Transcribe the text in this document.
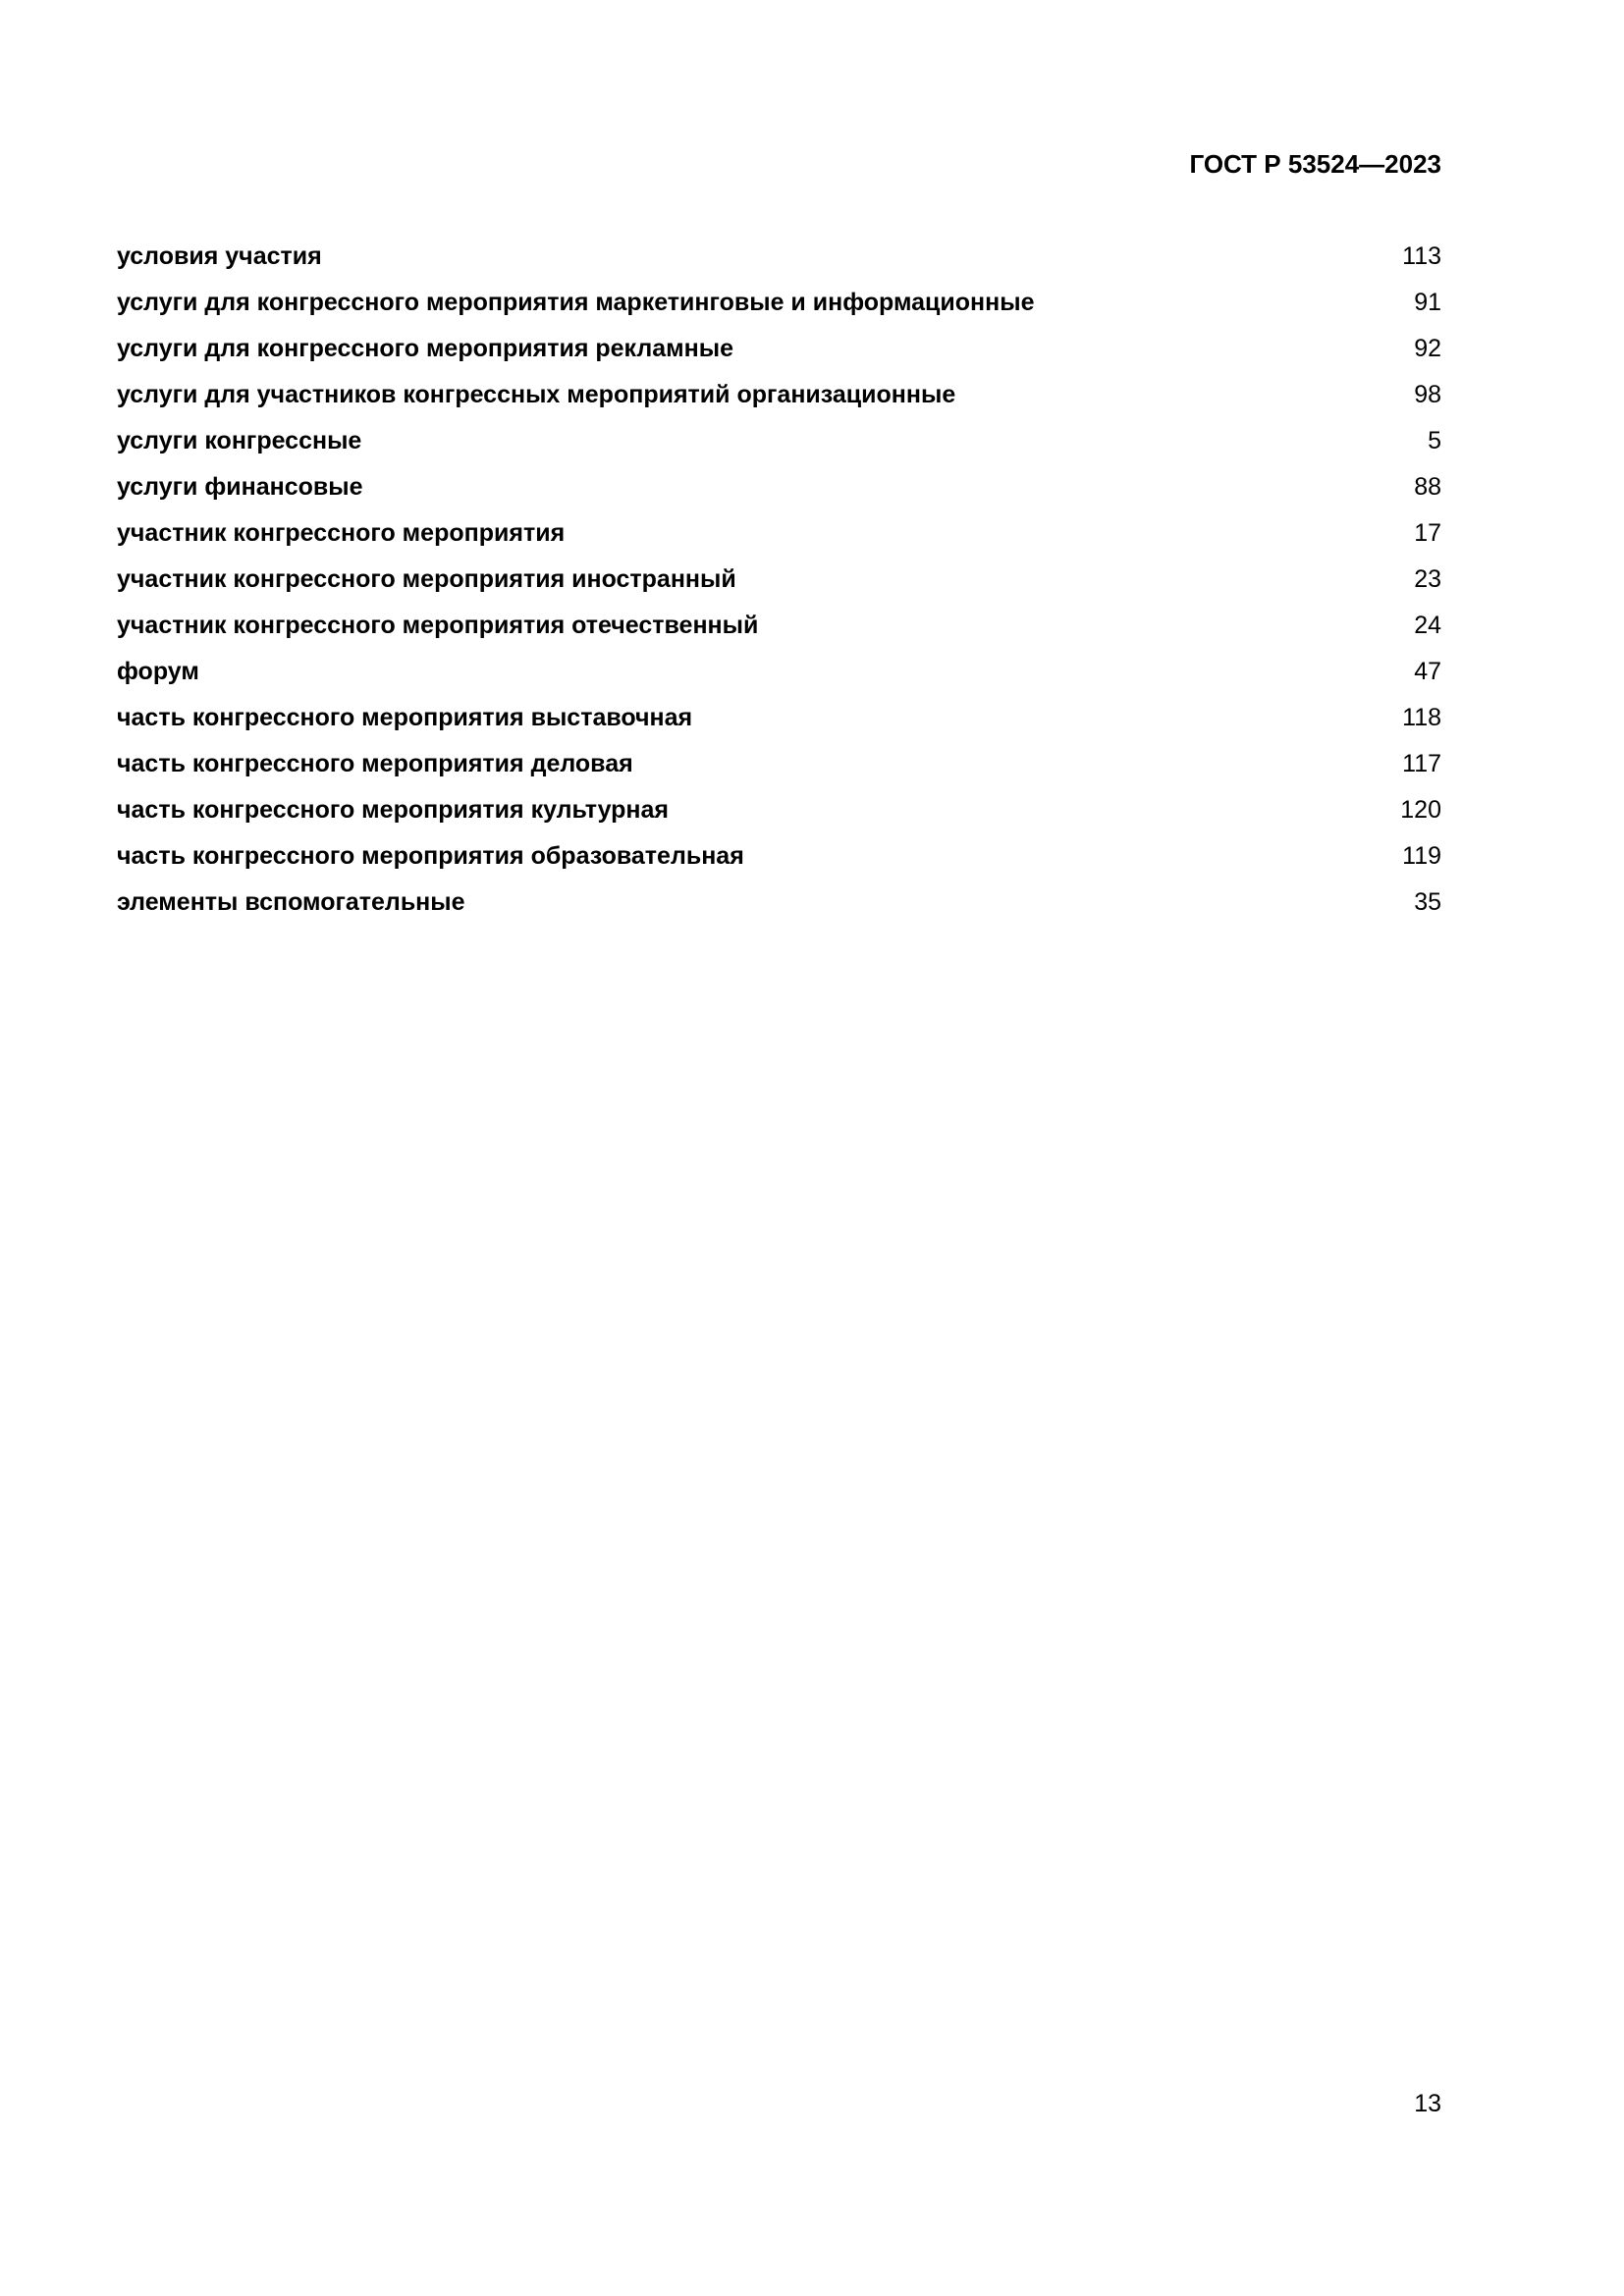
ГОСТ Р 53524—2023
условия участия	113
услуги для конгрессного мероприятия маркетинговые и информационные	91
услуги для конгрессного мероприятия рекламные	92
услуги для участников конгрессных мероприятий организационные	98
услуги конгрессные	5
услуги финансовые	88
участник конгрессного мероприятия	17
участник конгрессного мероприятия иностранный	23
участник конгрессного мероприятия отечественный	24
форум	47
часть конгрессного мероприятия выставочная	118
часть конгрессного мероприятия деловая	117
часть конгрессного мероприятия культурная	120
часть конгрессного мероприятия образовательная	119
элементы вспомогательные	35
13
